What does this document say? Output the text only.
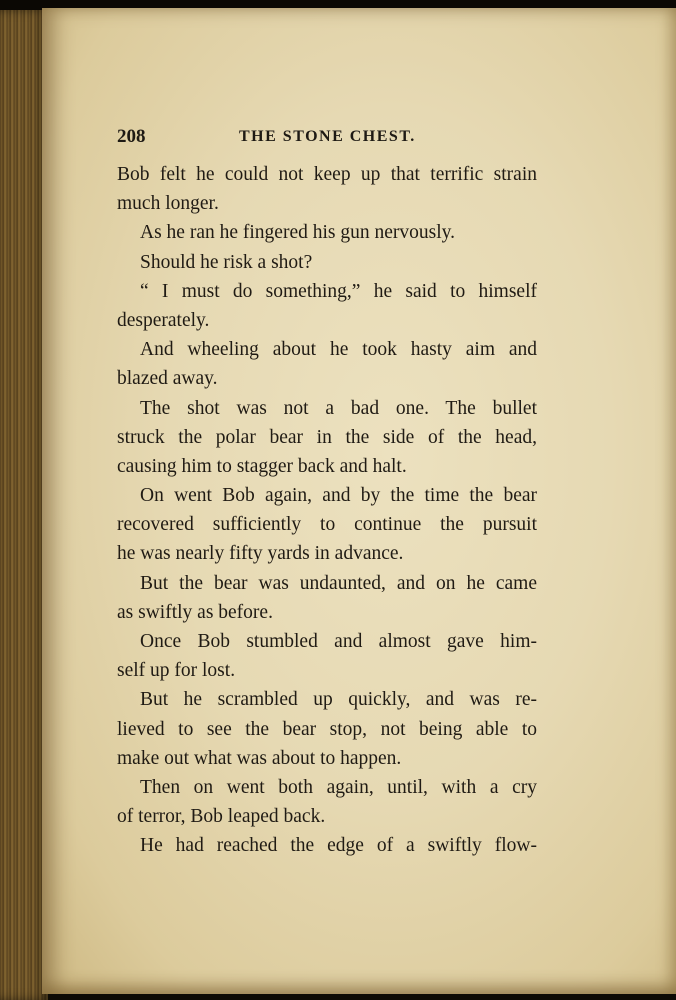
208	THE STONE CHEST.
Bob felt he could not keep up that terrific strain
much longer.
As he ran he fingered his gun nervously.
Should he risk a shot?
“ I must do something,” he said to himself
desperately.
And wheeling about he took hasty aim and
blazed away.
The shot was not a bad one. The bullet
struck the polar bear in the side of the head,
causing him to stagger back and halt.
On went Bob again, and by the time the bear
recovered sufficiently to continue the pursuit
he was nearly fifty yards in advance.
But the bear was undaunted, and on he came
as swiftly as before.
Once Bob stumbled and almost gave him-
self up for lost.
But he scrambled up quickly, and was re-
lieved to see the bear stop, not being able to
make out what was about to happen.
Then on went both again, until, with a cry
of terror, Bob leaped back.
He had reached the edge of a swiftly flow-
